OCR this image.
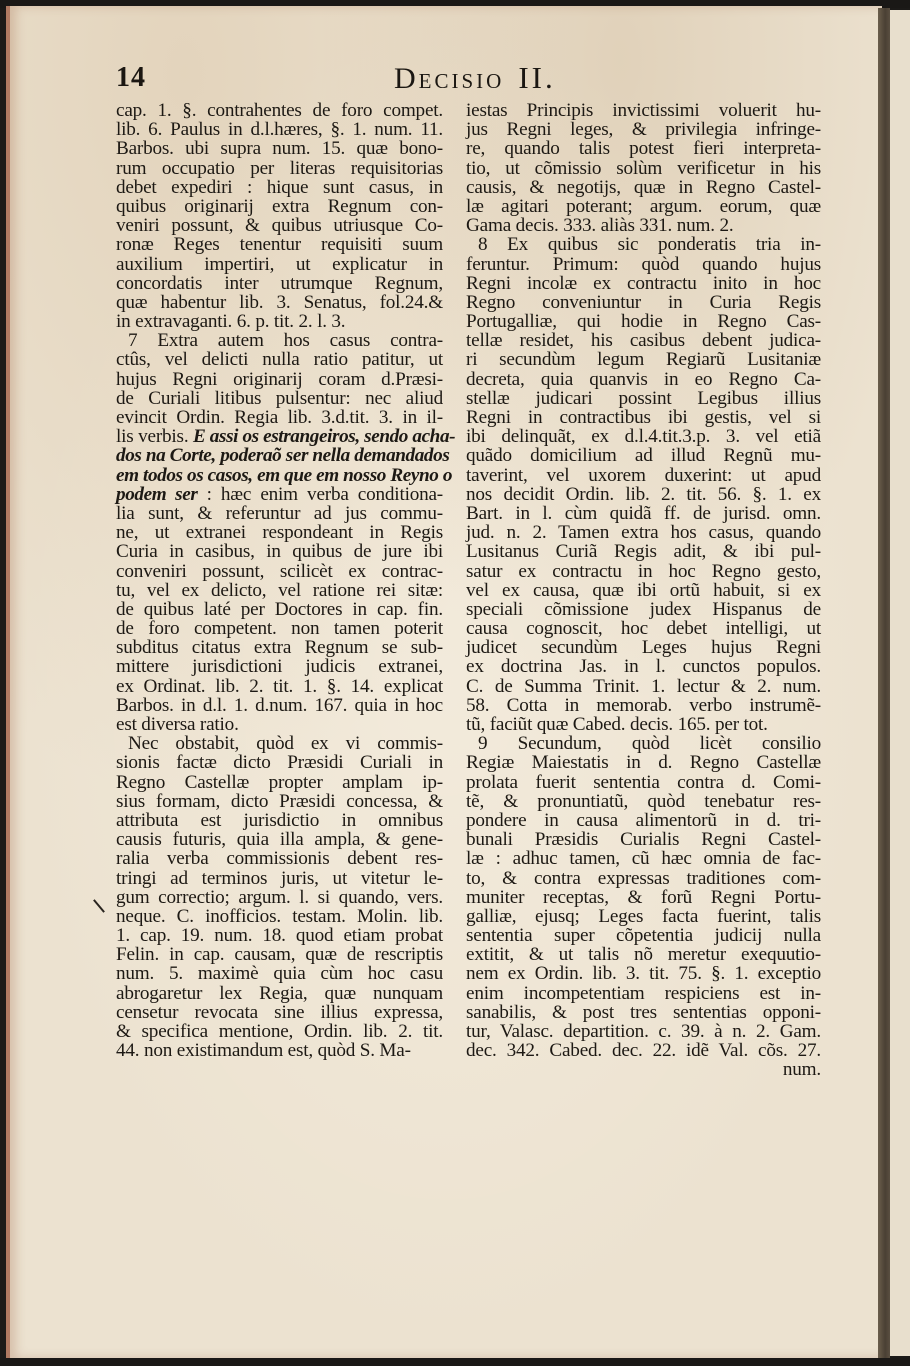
14	Decisio II.
cap. 1. §. contrahentes de foro compet.
lib. 6. Paulus in d.l.hæres, §. 1. num. 11.
Barbos. ubi supra num. 15. quæ bono-
rum occupatio per literas requisitorias
debet expediri : hique sunt casus, in
quibus originarij extra Regnum con-
veniri possunt, & quibus utriusque Co-
ronæ Reges tenentur requisiti suum
auxilium impertiri, ut explicatur in
concordatis inter utrumque Regnum,
quæ habentur lib. 3. Senatus, fol.24.&
in extravaganti. 6. p. tit. 2. l. 3.
7 Extra autem hos casus contra-
ctûs, vel delicti nulla ratio patitur, ut
hujus Regni originarij coram d.Præsi-
de Curiali litibus pulsentur: nec aliud
evincit Ordin. Regia lib. 3.d.tit. 3. in il-
lis verbis. E assi os estrangeiros, sendo acha-
dos na Corte, poderaõ ser nella demandados
em todos os casos, em que em nosso Reyno o
podem ser : hæc enim verba conditiona-
lia sunt, & referuntur ad jus commu-
ne, ut extranei respondeant in Regis
Curia in casibus, in quibus de jure ibi
conveniri possunt, scilicèt ex contrac-
tu, vel ex delicto, vel ratione rei sitæ:
de quibus laté per Doctores in cap. fin.
de foro competent. non tamen poterit
subditus citatus extra Regnum se sub-
mittere jurisdictioni judicis extranei,
ex Ordinat. lib. 2. tit. 1. §. 14. explicat
Barbos. in d.l. 1. d.num. 167. quia in hoc
est diversa ratio.
Nec obstabit, quòd ex vi commis-
sionis factæ dicto Præsidi Curiali in
Regno Castellæ propter amplam ip-
sius formam, dicto Præsidi concessa, &
attributa est jurisdictio in omnibus
causis futuris, quia illa ampla, & gene-
ralia verba commissionis debent res-
tringi ad terminos juris, ut vitetur le-
gum correctio; argum. l. si quando, vers.
neque. C. inofficios. testam. Molin. lib.
1. cap. 19. num. 18. quod etiam probat
Felin. in cap. causam, quæ de rescriptis
num. 5. maximè quia cùm hoc casu
abrogaretur lex Regia, quæ nunquam
censetur revocata sine illius expressa,
& specifica mentione, Ordin. lib. 2. tit.
44. non existimandum est, quòd S. Ma-
iestas Principis invictissimi voluerit hu-
jus Regni leges, & privilegia infringe-
re, quando talis potest fieri interpreta-
tio, ut cõmissio solùm verificetur in his
causis, & negotijs, quæ in Regno Castel-
læ agitari poterant; argum. eorum, quæ
Gama decis. 333. aliàs 331. num. 2.
8 Ex quibus sic ponderatis tria in-
feruntur. Primum: quòd quando hujus
Regni incolæ ex contractu inito in hoc
Regno conveniuntur in Curia Regis
Portugalliæ, qui hodie in Regno Cas-
tellæ residet, his casibus debent judica-
ri secundùm legum Regiarũ Lusitaniæ
decreta, quia quanvis in eo Regno Ca-
stellæ judicari possint Legibus illius
Regni in contractibus ibi gestis, vel si
ibi delinquãt, ex d.l.4.tit.3.p. 3. vel etiã
quãdo domicilium ad illud Regnũ mu-
taverint, vel uxorem duxerint: ut apud
nos decidit Ordin. lib. 2. tit. 56. §. 1. ex
Bart. in l. cùm quidã ff. de jurisd. omn.
jud. n. 2. Tamen extra hos casus, quando
Lusitanus Curiã Regis adit, & ibi pul-
satur ex contractu in hoc Regno gesto,
vel ex causa, quæ ibi ortũ habuit, si ex
speciali cõmissione judex Hispanus de
causa cognoscit, hoc debet intelligi, ut
judicet secundùm Leges hujus Regni
ex doctrina Jas. in l. cunctos populos.
C. de Summa Trinit. 1. lectur & 2. num.
58. Cotta in memorab. verbo instrumẽ-
tũ, faciũt quæ Cabed. decis. 165. per tot.
9 Secundum, quòd licèt consilio
Regiæ Maiestatis in d. Regno Castellæ
prolata fuerit sententia contra d. Comi-
tẽ, & pronuntiatũ, quòd tenebatur res-
pondere in causa alimentorũ in d. tri-
bunali Præsidis Curialis Regni Castel-
læ : adhuc tamen, cũ hæc omnia de fac-
to, & contra expressas traditiones com-
muniter receptas, & forũ Regni Portu-
galliæ, ejusq; Leges facta fuerint, talis
sententia super cõpetentia judicij nulla
extitit, & ut talis nõ meretur exequutio-
nem ex Ordin. lib. 3. tit. 75. §. 1. exceptio
enim incompetentiam respiciens est in-
sanabilis, & post tres sententias opponi-
tur, Valasc. departition. c. 39. à n. 2. Gam.
dec. 342. Cabed. dec. 22. idẽ Val. cõs. 27.
num.
